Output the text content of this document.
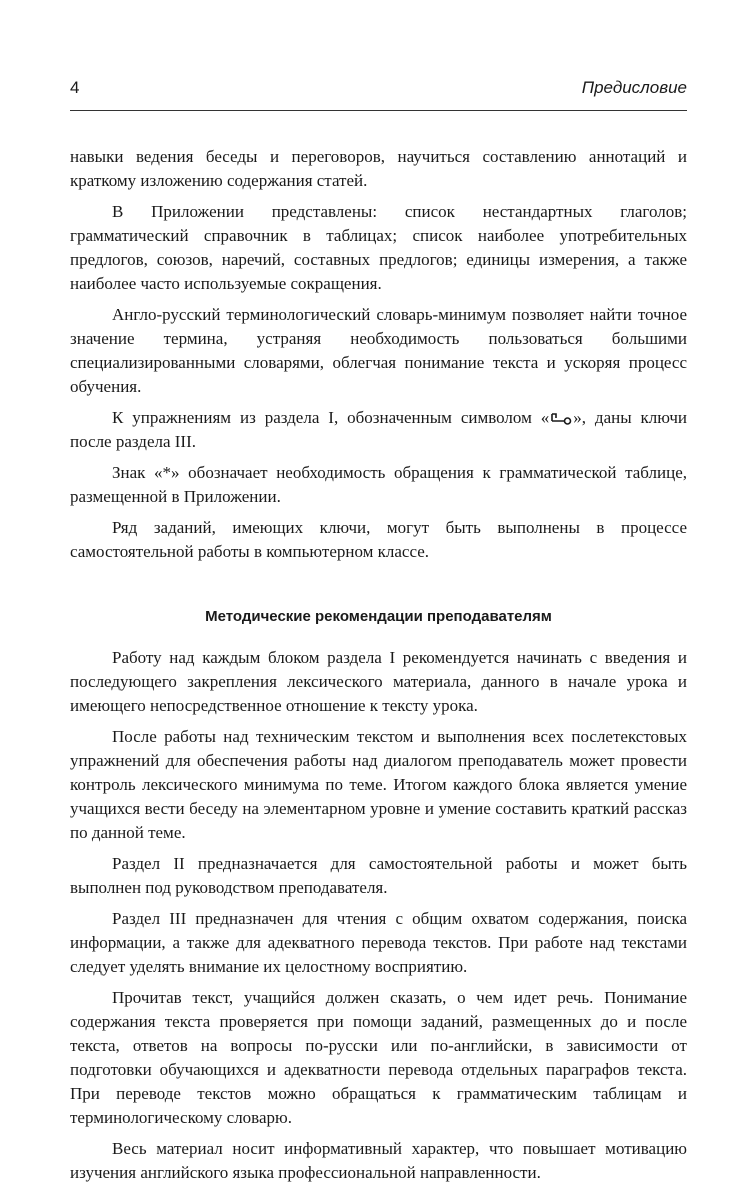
4	Предисловие

навыки ведения беседы и переговоров, научиться составлению аннотаций и краткому изложению содержания статей.

В Приложении представлены: список нестандартных глаголов; грамматический справочник в таблицах; список наиболее употребительных предлогов, союзов, наречий, составных предлогов; единицы измерения, а также наиболее часто используемые сокращения.

Англо-русский терминологический словарь-минимум позволяет найти точное значение термина, устраняя необходимость пользоваться большими специализированными словарями, облегчая понимание текста и ускоряя процесс обучения.

К упражнениям из раздела I, обозначенным символом « », даны ключи после раздела III.

Знак «*» обозначает необходимость обращения к грамматической таблице, размещенной в Приложении.

Ряд заданий, имеющих ключи, могут быть выполнены в процессе самостоятельной работы в компьютерном классе.

Методические рекомендации преподавателям

Работу над каждым блоком раздела I рекомендуется начинать с введения и последующего закрепления лексического материала, данного в начале урока и имеющего непосредственное отношение к тексту урока.

После работы над техническим текстом и выполнения всех послетекстовых упражнений для обеспечения работы над диалогом преподаватель может провести контроль лексического минимума по теме. Итогом каждого блока является умение учащихся вести беседу на элементарном уровне и умение составить краткий рассказ по данной теме.

Раздел II предназначается для самостоятельной работы и может быть выполнен под руководством преподавателя.

Раздел III предназначен для чтения с общим охватом содержания, поиска информации, а также для адекватного перевода текстов. При работе над текстами следует уделять внимание их целостному восприятию.

Прочитав текст, учащийся должен сказать, о чем идет речь. Понимание содержания текста проверяется при помощи заданий, размещенных до и после текста, ответов на вопросы по-русски или по-английски, в зависимости от подготовки обучающихся и адекватности перевода отдельных параграфов текста. При переводе текстов можно обращаться к грамматическим таблицам и терминологическому словарю.

Весь материал носит информативный характер, что повышает мотивацию изучения английского языка профессиональной направленности.
